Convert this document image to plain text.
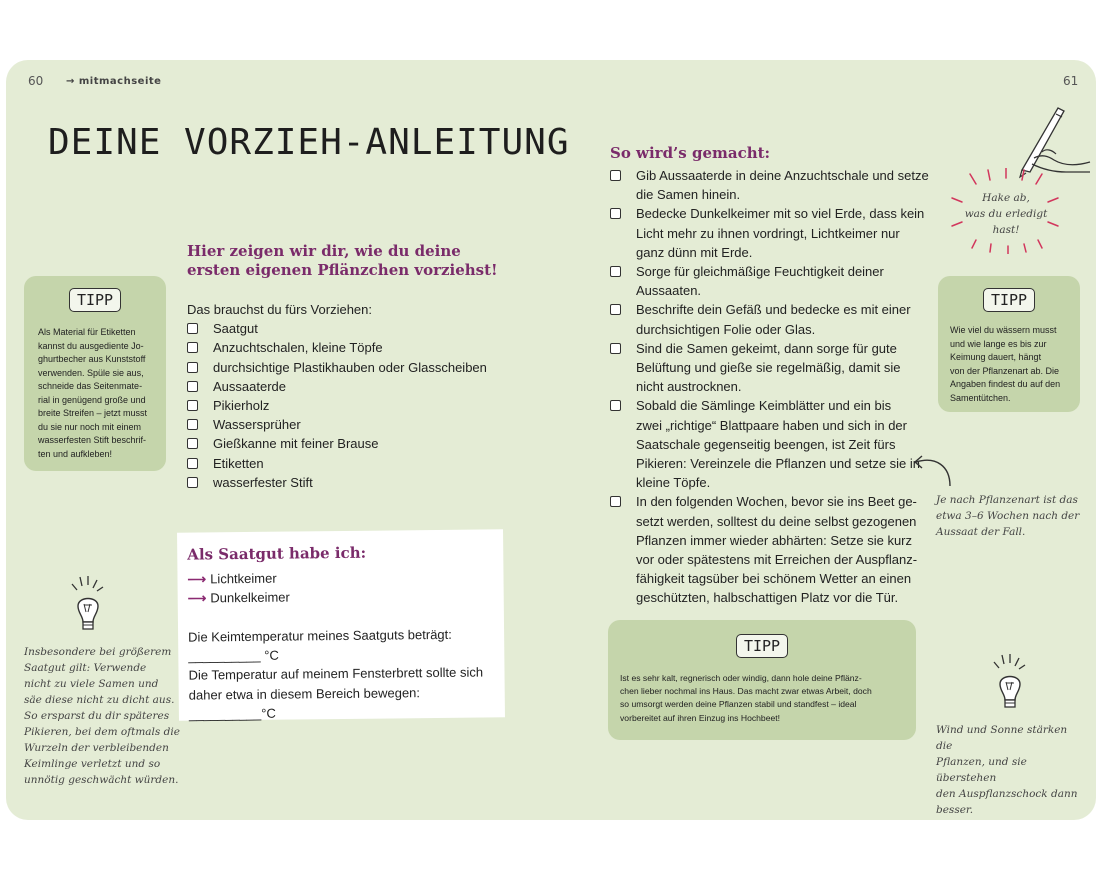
60 → mitmachseite	61
DEINE VORZIEH-ANLEITUNG
Hier zeigen wir dir, wie du deine
ersten eigenen Pflänzchen vorziehst!
Das brauchst du fürs Vorziehen:
Saatgut
Anzuchtschalen, kleine Töpfe
durchsichtige Plastikhauben oder Glasscheiben
Aussaaterde
Pikierholz
Wassersprüher
Gießkanne mit feiner Brause
Etiketten
wasserfester Stift
TIPP
Als Material für Etiketten
kannst du ausgediente Jo-
ghurtbecher aus Kunststoff
verwenden. Spüle sie aus,
schneide das Seitenmate-
rial in genügend große und
breite Streifen – jetzt musst
du sie nur noch mit einem
wasserfesten Stift beschrif-
ten und aufkleben!
Insbesondere bei größerem
Saatgut gilt: Verwende
nicht zu viele Samen und
säe diese nicht zu dicht aus.
So ersparst du dir späteres
Pikieren, bei dem oftmals die
Wurzeln der verbleibenden
Keimlinge verletzt und so
unnötig geschwächt würden.
Als Saatgut habe ich:
⟶ Lichtkeimer
⟶ Dunkelkeimer
Die Keimtemperatur meines Saatguts beträgt:
__________ °C
Die Temperatur auf meinem Fensterbrett sollte sich
daher etwa in diesem Bereich bewegen: __________°C
So wird’s gemacht:
Gib Aussaaterde in deine Anzuchtschale und setze
die Samen hinein.
Bedecke Dunkelkeimer mit so viel Erde, dass kein
Licht mehr zu ihnen vordringt, Lichtkeimer nur
ganz dünn mit Erde.
Sorge für gleichmäßige Feuchtigkeit deiner
Aussaaten.
Beschrifte dein Gefäß und bedecke es mit einer
durchsichtigen Folie oder Glas.
Sind die Samen gekeimt, dann sorge für gute
Belüftung und gieße sie regelmäßig, damit sie
nicht austrocknen.
Sobald die Sämlinge Keimblätter und ein bis
zwei „richtige“ Blattpaare haben und sich in der
Saatschale gegenseitig beengen, ist Zeit fürs
Pikieren: Vereinzele die Pflanzen und setze sie in
kleine Töpfe.
In den folgenden Wochen, bevor sie ins Beet ge-
setzt werden, solltest du deine selbst gezogenen
Pflanzen immer wieder abhärten: Setze sie kurz
vor oder spätestens mit Erreichen der Auspflanz-
fähigkeit tagsüber bei schönem Wetter an einen
geschützten, halbschattigen Platz vor die Tür.
Hake ab,
was du erledigt
hast!
TIPP
Wie viel du wässern musst
und wie lange es bis zur
Keimung dauert, hängt
von der Pflanzenart ab. Die
Angaben findest du auf den
Samentütchen.
Je nach Pflanzenart ist das
etwa 3–6 Wochen nach der
Aussaat der Fall.
TIPP
Ist es sehr kalt, regnerisch oder windig, dann hole deine Pflänz-
chen lieber nochmal ins Haus. Das macht zwar etwas Arbeit, doch
so umsorgt werden deine Pflanzen stabil und standfest – ideal
vorbereitet auf ihren Einzug ins Hochbeet!
Wind und Sonne stärken die
Pflanzen, und sie überstehen
den Auspflanzschock dann
besser.
